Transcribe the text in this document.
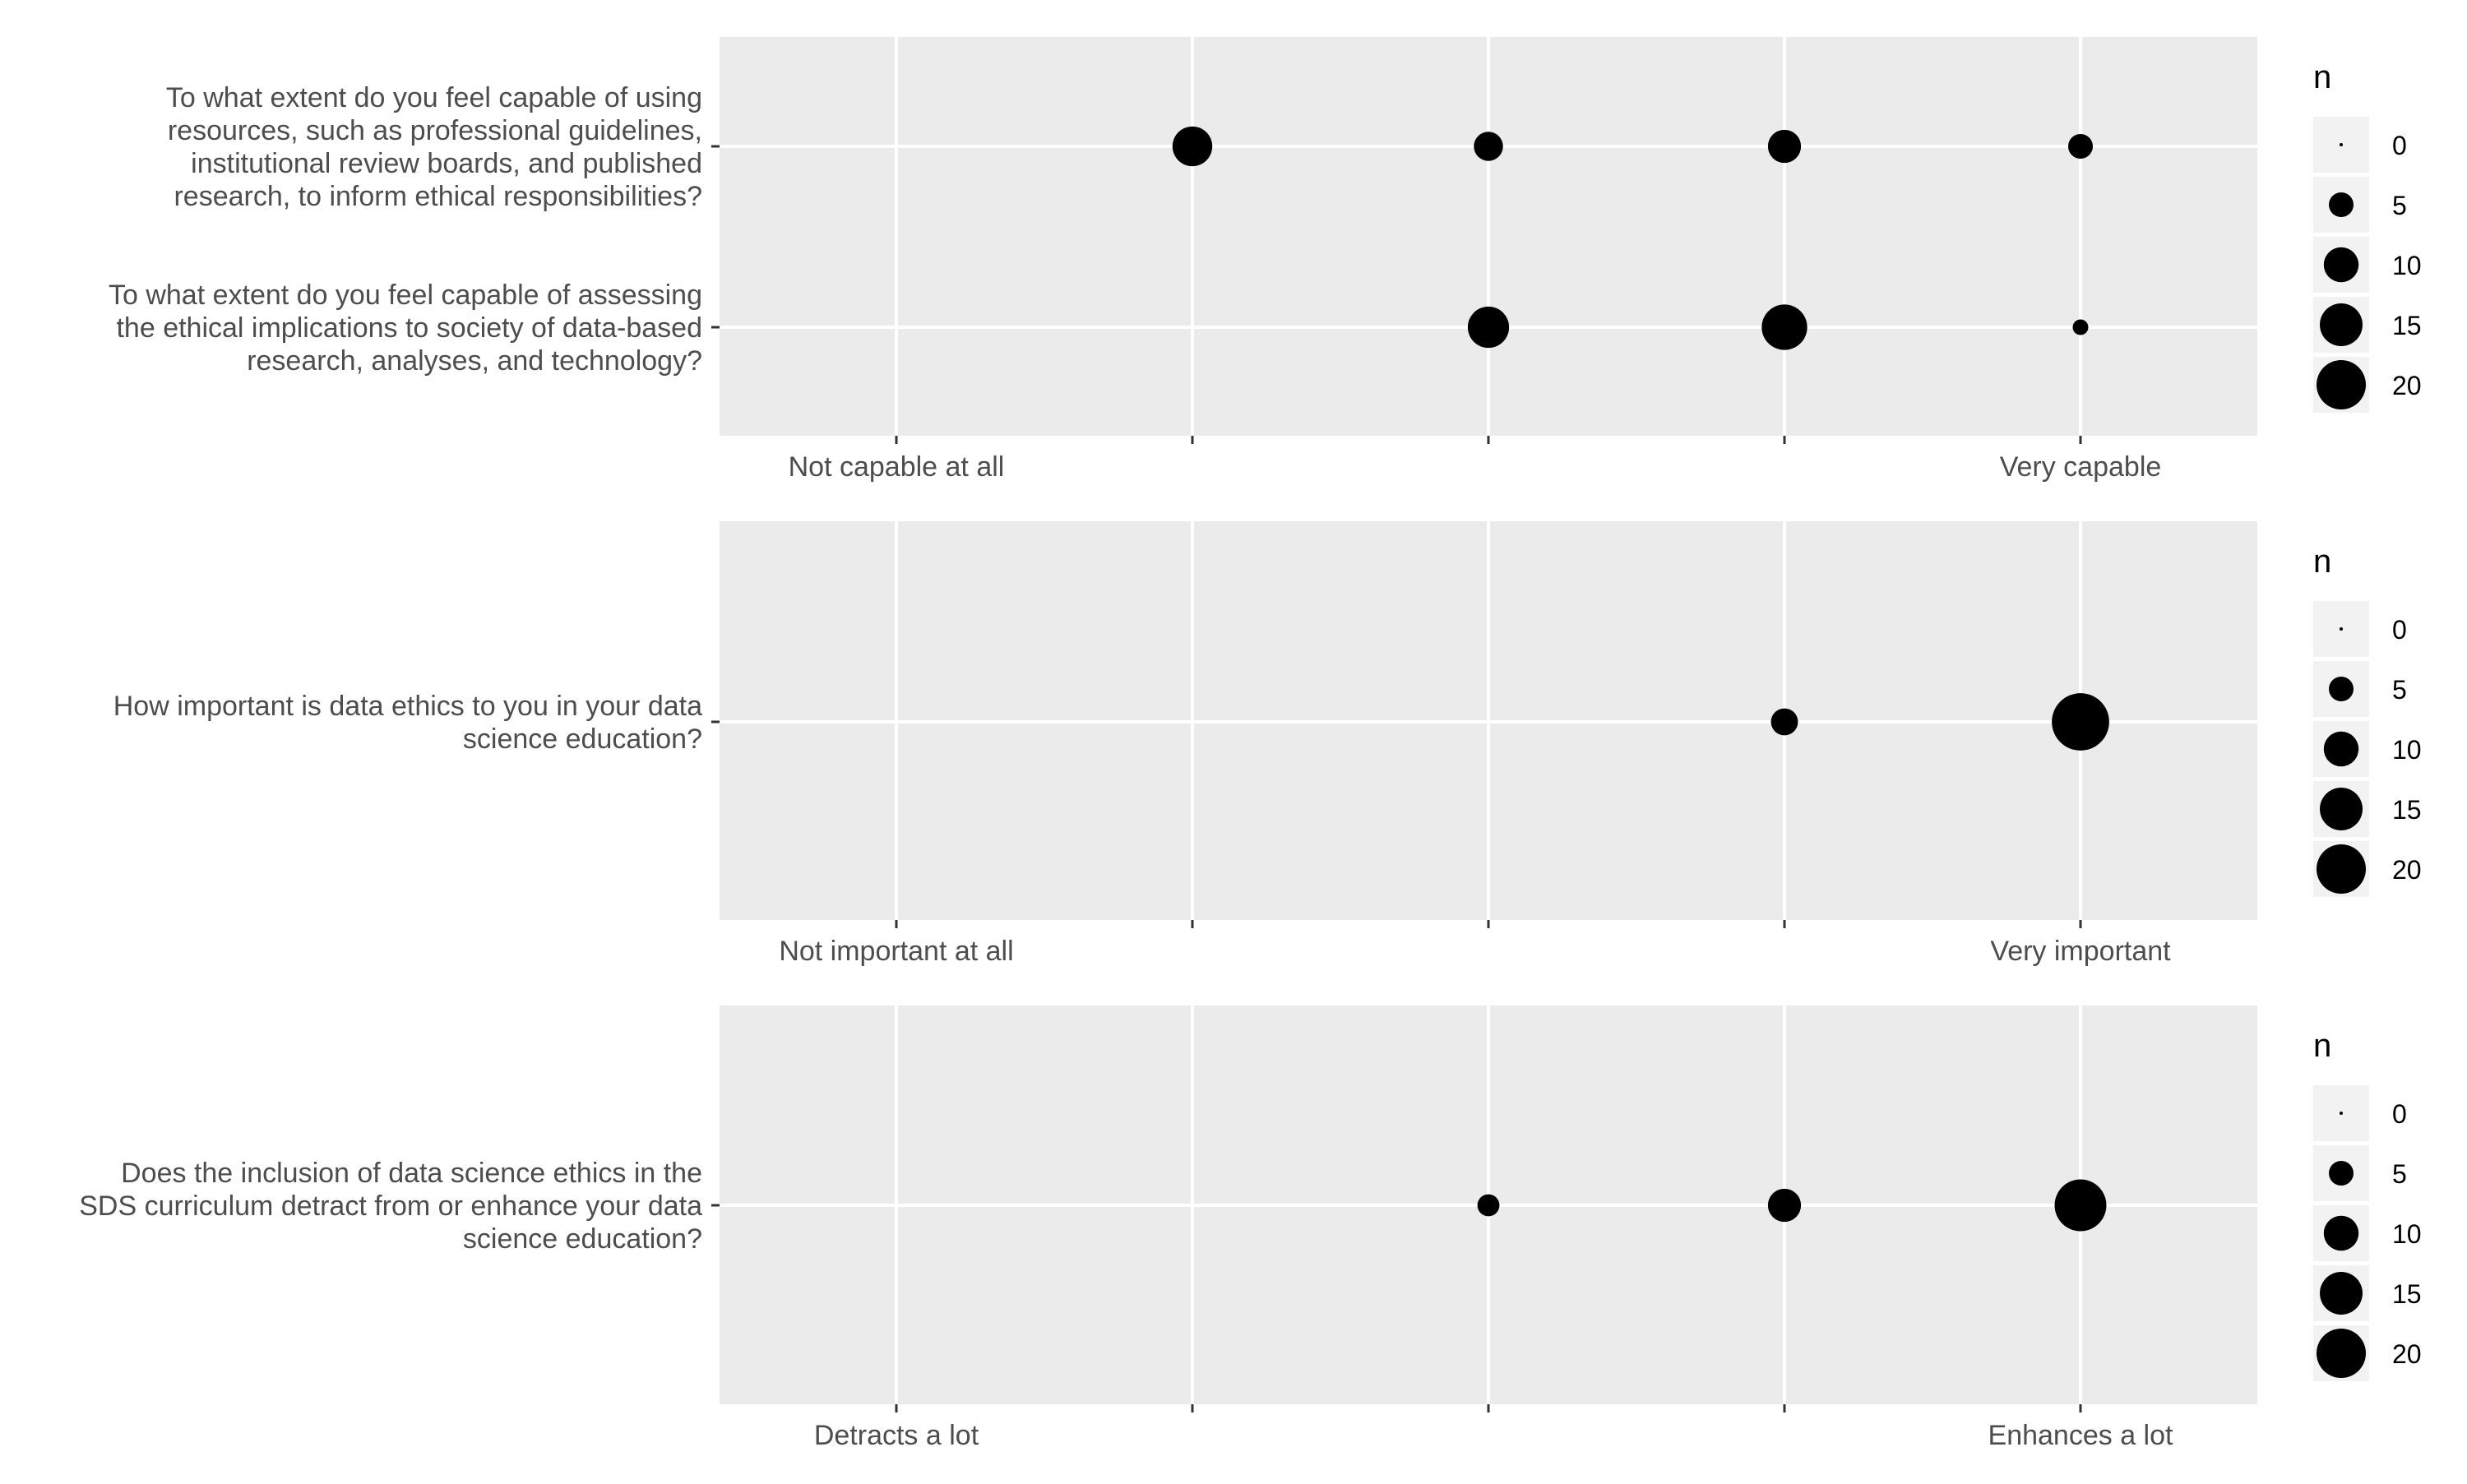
Not capable at all	Very capable
To what extent do you feel capable of using resources, such as professional guidelines, institutional review boards, and published research, to inform ethical responsibilities?
To what extent do you feel capable of assessing the ethical implications to society of data-based research, analyses, and technology?
n
0
5
10
15
20
Not important at all	Very important
How important is data ethics to you in your data science education?
n
0
5
10
15
20
Detracts a lot	Enhances a lot
Does the inclusion of data science ethics in the SDS curriculum detract from or enhance your data science education?
n
0
5
10
15
20
